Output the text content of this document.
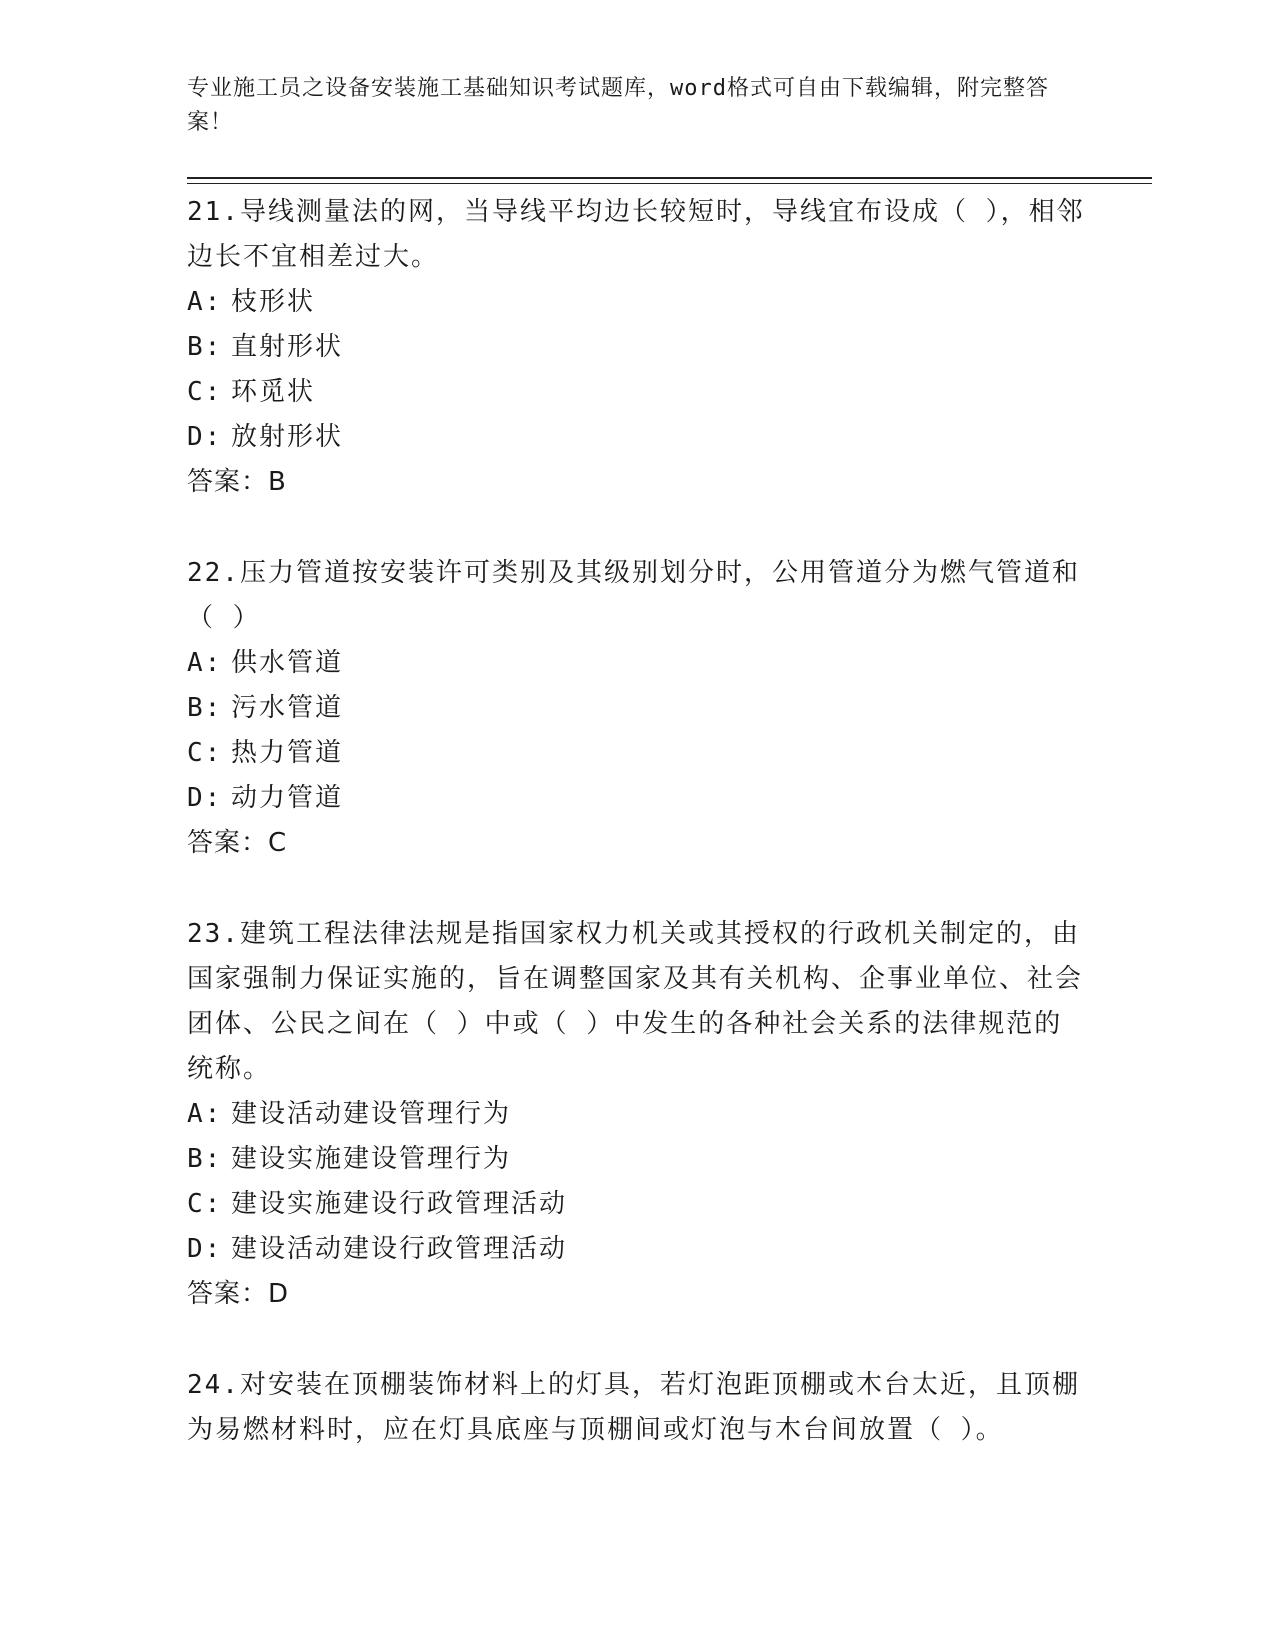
专业施工员之设备安装施工基础知识考试题库，word格式可自由下载编辑，附完整答案！

21.导线测量法的网，当导线平均边长较短时，导线宜布设成（ ），相邻边长不宜相差过大。

A: 枝形状

B: 直射形状

C: 环觅状

D: 放射形状

答案：B

22.压力管道按安装许可类别及其级别划分时，公用管道分为燃气管道和（ ）

A: 供水管道

B: 污水管道

C: 热力管道

D: 动力管道

答案：C

23.建筑工程法律法规是指国家权力机关或其授权的行政机关制定的，由国家强制力保证实施的，旨在调整国家及其有关机构、企事业单位、社会团体、公民之间在（ ）中或（ ）中发生的各种社会关系的法律规范的统称。

A: 建设活动建设管理行为

B: 建设实施建设管理行为

C: 建设实施建设行政管理活动

D: 建设活动建设行政管理活动

答案：D

24.对安装在顶棚装饰材料上的灯具，若灯泡距顶棚或木台太近，且顶棚为易燃材料时，应在灯具底座与顶棚间或灯泡与木台间放置（ ）。
